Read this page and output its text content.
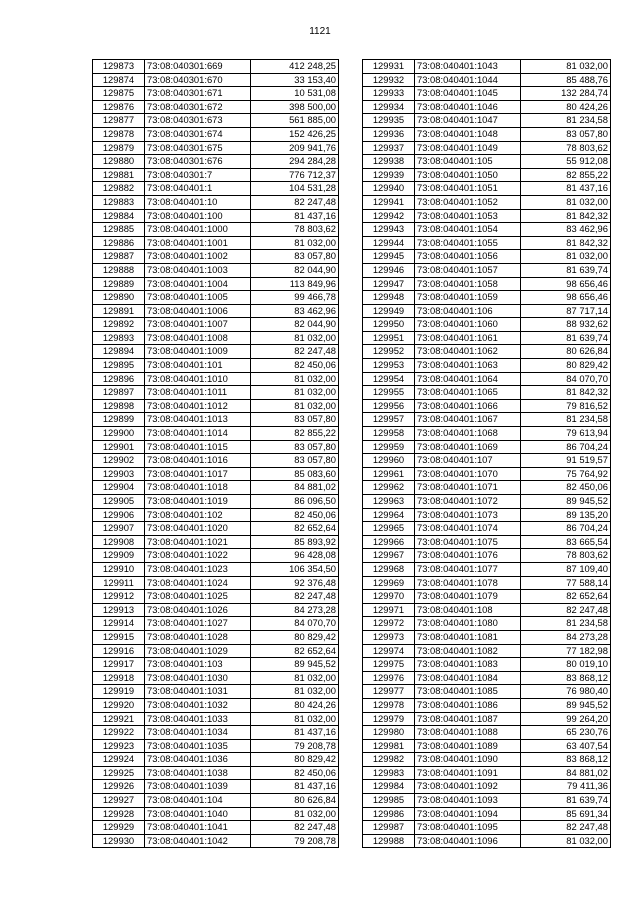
1121
129873	73:08:040301:669	412 248,25
129874	73:08:040301:670	33 153,40
129875	73:08:040301:671	10 531,08
129876	73:08:040301:672	398 500,00
129877	73:08:040301:673	561 885,00
129878	73:08:040301:674	152 426,25
129879	73:08:040301:675	209 941,76
129880	73:08:040301:676	294 284,28
129881	73:08:040301:7	776 712,37
129882	73:08:040401:1	104 531,28
129883	73:08:040401:10	82 247,48
129884	73:08:040401:100	81 437,16
129885	73:08:040401:1000	78 803,62
129886	73:08:040401:1001	81 032,00
129887	73:08:040401:1002	83 057,80
129888	73:08:040401:1003	82 044,90
129889	73:08:040401:1004	113 849,96
129890	73:08:040401:1005	99 466,78
129891	73:08:040401:1006	83 462,96
129892	73:08:040401:1007	82 044,90
129893	73:08:040401:1008	81 032,00
129894	73:08:040401:1009	82 247,48
129895	73:08:040401:101	82 450,06
129896	73:08:040401:1010	81 032,00
129897	73:08:040401:1011	81 032,00
129898	73:08:040401:1012	81 032,00
129899	73:08:040401:1013	83 057,80
129900	73:08:040401:1014	82 855,22
129901	73:08:040401:1015	83 057,80
129902	73:08:040401:1016	83 057,80
129903	73:08:040401:1017	85 083,60
129904	73:08:040401:1018	84 881,02
129905	73:08:040401:1019	86 096,50
129906	73:08:040401:102	82 450,06
129907	73:08:040401:1020	82 652,64
129908	73:08:040401:1021	85 893,92
129909	73:08:040401:1022	96 428,08
129910	73:08:040401:1023	106 354,50
129911	73:08:040401:1024	92 376,48
129912	73:08:040401:1025	82 247,48
129913	73:08:040401:1026	84 273,28
129914	73:08:040401:1027	84 070,70
129915	73:08:040401:1028	80 829,42
129916	73:08:040401:1029	82 652,64
129917	73:08:040401:103	89 945,52
129918	73:08:040401:1030	81 032,00
129919	73:08:040401:1031	81 032,00
129920	73:08:040401:1032	80 424,26
129921	73:08:040401:1033	81 032,00
129922	73:08:040401:1034	81 437,16
129923	73:08:040401:1035	79 208,78
129924	73:08:040401:1036	80 829,42
129925	73:08:040401:1038	82 450,06
129926	73:08:040401:1039	81 437,16
129927	73:08:040401:104	80 626,84
129928	73:08:040401:1040	81 032,00
129929	73:08:040401:1041	82 247,48
129930	73:08:040401:1042	79 208,78
129931	73:08:040401:1043	81 032,00
129932	73:08:040401:1044	85 488,76
129933	73:08:040401:1045	132 284,74
129934	73:08:040401:1046	80 424,26
129935	73:08:040401:1047	81 234,58
129936	73:08:040401:1048	83 057,80
129937	73:08:040401:1049	78 803,62
129938	73:08:040401:105	55 912,08
129939	73:08:040401:1050	82 855,22
129940	73:08:040401:1051	81 437,16
129941	73:08:040401:1052	81 032,00
129942	73:08:040401:1053	81 842,32
129943	73:08:040401:1054	83 462,96
129944	73:08:040401:1055	81 842,32
129945	73:08:040401:1056	81 032,00
129946	73:08:040401:1057	81 639,74
129947	73:08:040401:1058	98 656,46
129948	73:08:040401:1059	98 656,46
129949	73:08:040401:106	87 717,14
129950	73:08:040401:1060	88 932,62
129951	73:08:040401:1061	81 639,74
129952	73:08:040401:1062	80 626,84
129953	73:08:040401:1063	80 829,42
129954	73:08:040401:1064	84 070,70
129955	73:08:040401:1065	81 842,32
129956	73:08:040401:1066	79 816,52
129957	73:08:040401:1067	81 234,58
129958	73:08:040401:1068	79 613,94
129959	73:08:040401:1069	86 704,24
129960	73:08:040401:107	91 519,57
129961	73:08:040401:1070	75 764,92
129962	73:08:040401:1071	82 450,06
129963	73:08:040401:1072	89 945,52
129964	73:08:040401:1073	89 135,20
129965	73:08:040401:1074	86 704,24
129966	73:08:040401:1075	83 665,54
129967	73:08:040401:1076	78 803,62
129968	73:08:040401:1077	87 109,40
129969	73:08:040401:1078	77 588,14
129970	73:08:040401:1079	82 652,64
129971	73:08:040401:108	82 247,48
129972	73:08:040401:1080	81 234,58
129973	73:08:040401:1081	84 273,28
129974	73:08:040401:1082	77 182,98
129975	73:08:040401:1083	80 019,10
129976	73:08:040401:1084	83 868,12
129977	73:08:040401:1085	76 980,40
129978	73:08:040401:1086	89 945,52
129979	73:08:040401:1087	99 264,20
129980	73:08:040401:1088	65 230,76
129981	73:08:040401:1089	63 407,54
129982	73:08:040401:1090	83 868,12
129983	73:08:040401:1091	84 881,02
129984	73:08:040401:1092	79 411,36
129985	73:08:040401:1093	81 639,74
129986	73:08:040401:1094	85 691,34
129987	73:08:040401:1095	82 247,48
129988	73:08:040401:1096	81 032,00
